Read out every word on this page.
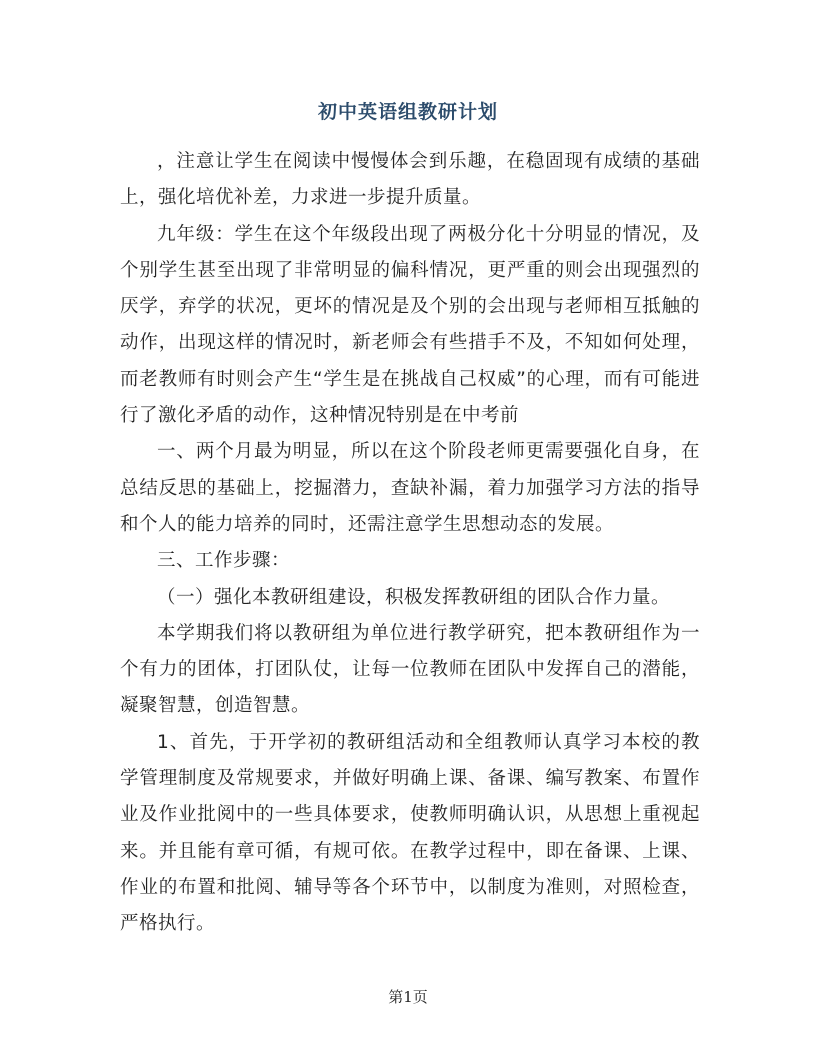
初中英语组教研计划

，注意让学生在阅读中慢慢体会到乐趣，在稳固现有成绩的基础上，强化培优补差，力求进一步提升质量。

九年级：学生在这个年级段出现了两极分化十分明显的情况，及个别学生甚至出现了非常明显的偏科情况，更严重的则会出现强烈的厌学，弃学的状况，更坏的情况是及个别的会出现与老师相互抵触的动作，出现这样的情况时，新老师会有些措手不及，不知如何处理，而老教师有时则会产生“学生是在挑战自己权威”的心理，而有可能进行了激化矛盾的动作，这种情况特别是在中考前

一、两个月最为明显，所以在这个阶段老师更需要强化自身，在总结反思的基础上，挖掘潜力，查缺补漏，着力加强学习方法的指导和个人的能力培养的同时，还需注意学生思想动态的发展。

三、工作步骤：

（一）强化本教研组建设，积极发挥教研组的团队合作力量。

本学期我们将以教研组为单位进行教学研究，把本教研组作为一个有力的团体，打团队仗，让每一位教师在团队中发挥自己的潜能，凝聚智慧，创造智慧。

1、首先，于开学初的教研组活动和全组教师认真学习本校的教学管理制度及常规要求，并做好明确上课、备课、编写教案、布置作业及作业批阅中的一些具体要求，使教师明确认识，从思想上重视起来。并且能有章可循，有规可依。在教学过程中，即在备课、上课、作业的布置和批阅、辅导等各个环节中，以制度为准则，对照检查，严格执行。

第1页
